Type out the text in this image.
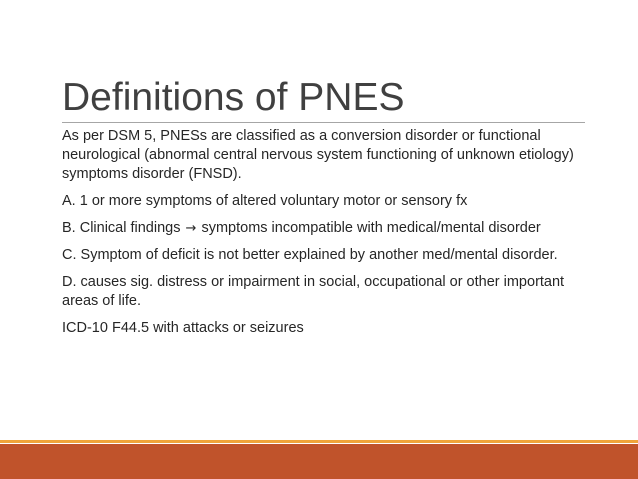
Definitions of PNES

As per DSM 5, PNESs are classified as a conversion disorder or functional neurological (abnormal central nervous system functioning of unknown etiology) symptoms disorder (FNSD).

A. 1 or more symptoms of altered voluntary motor or sensory fx

B. Clinical findings → symptoms incompatible with medical/mental disorder

C. Symptom of deficit is not better explained by another med/mental disorder.

D. causes sig. distress or impairment in social, occupational or other important areas of life.

ICD-10 F44.5 with attacks or seizures
